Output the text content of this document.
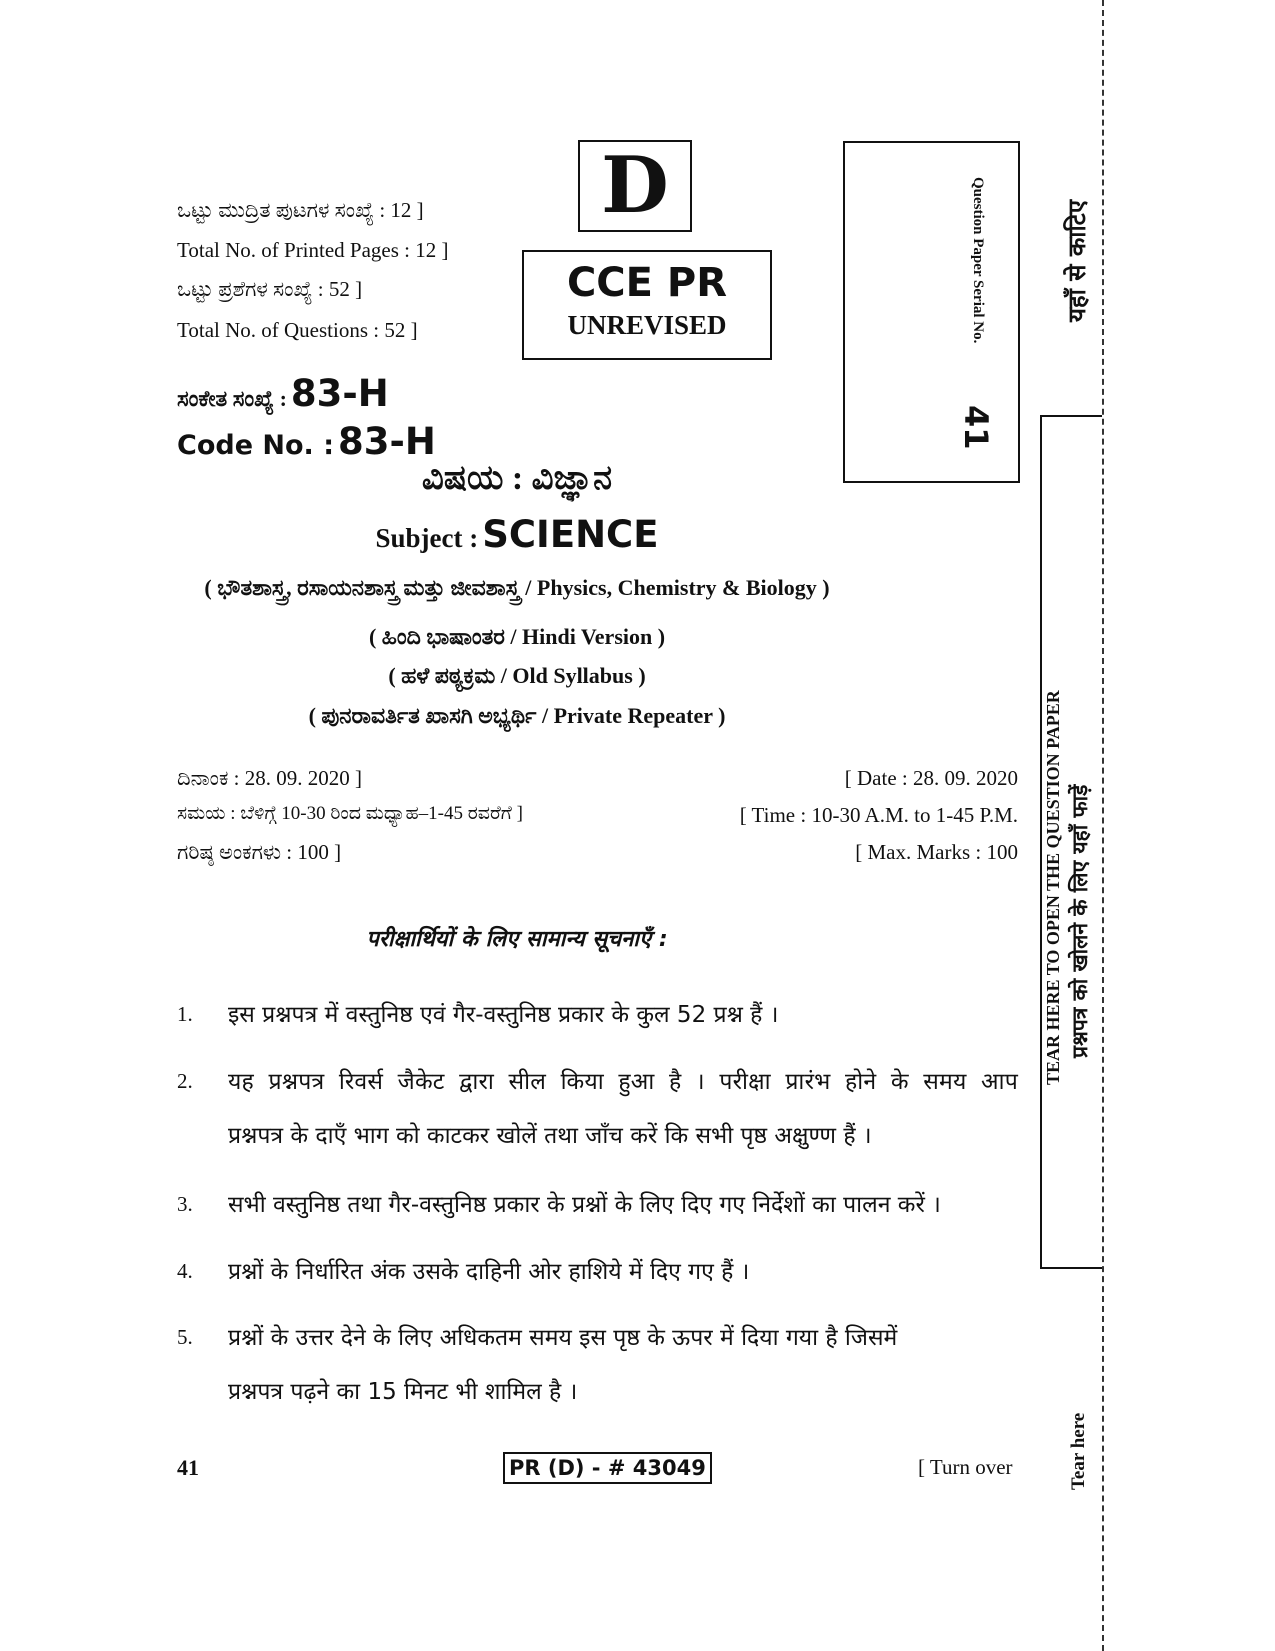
ಒಟ್ಟು ಮುದ್ರಿತ ಪುಟಗಳ ಸಂಖ್ಯೆ : 12 ]
Total No. of Printed Pages : 12 ]
ಒಟ್ಟು ಪ್ರಶೆಗಳ ಸಂಖ್ಯೆ : 52 ]
Total No. of Questions : 52 ]
ಸಂಕೇತ ಸಂಖ್ಯೆ : 83-H
Code No. : 83-H
D
CCE PR
UNREVISED	Question Paper Serial No.
41
ವಿಷಯ : ವಿಜ್ಞಾನ
Subject : SCIENCE
( ಭೌತಶಾಸ್ತ್ರ, ರಸಾಯನಶಾಸ್ತ್ರ ಮತ್ತು ಜೀವಶಾಸ್ತ್ರ / Physics, Chemistry & Biology )
( ಹಿಂದಿ ಭಾಷಾಂತರ / Hindi Version )
( ಹಳೆ ಪಠ್ಯಕ್ರಮ / Old Syllabus )
( ಪುನರಾವರ್ತಿತ ಖಾಸಗಿ ಅಭ್ಯರ್ಥಿ / Private Repeater )
ದಿನಾಂಕ : 28. 09. 2020 ]	[ Date : 28. 09. 2020
ಸಮಯ : ಬೆಳಿಗ್ಗೆ 10-30 ರಿಂದ ಮಧ್ಯಾಹ–1-45 ರವರೆಗೆ ]	[ Time : 10-30 A.M. to 1-45 P.M.
ಗರಿಷ್ಠ ಅಂಕಗಳು : 100 ]	[ Max. Marks : 100
परीक्षार्थियों के लिए सामान्य सूचनाएँ :
1. इस प्रश्नपत्र में वस्तुनिष्ठ एवं गैर-वस्तुनिष्ठ प्रकार के कुल 52 प्रश्न हैं ।
2. यह प्रश्नपत्र रिवर्स जैकेट द्वारा सील किया हुआ है । परीक्षा प्रारंभ होने के समय आप
प्रश्नपत्र के दाएँ भाग को काटकर खोलें तथा जाँच करें कि सभी पृष्ठ अक्षुण्ण हैं ।
3. सभी वस्तुनिष्ठ तथा गैर-वस्तुनिष्ठ प्रकार के प्रश्नों के लिए दिए गए निर्देशों का पालन करें ।
4. प्रश्नों के निर्धारित अंक उसके दाहिनी ओर हाशिये में दिए गए हैं ।
5. प्रश्नों के उत्तर देने के लिए अधिकतम समय इस पृष्ठ के ऊपर में दिया गया है जिसमें
प्रश्नपत्र पढ़ने का 15 मिनट भी शामिल है ।
41	PR (D) - # 43049	[ Turn over
यहाँ से काटिए
TEAR HERE TO OPEN THE QUESTION PAPER प्रश्नपत्र को खोलने के लिए यहाँ फाड़ें
Tear here
